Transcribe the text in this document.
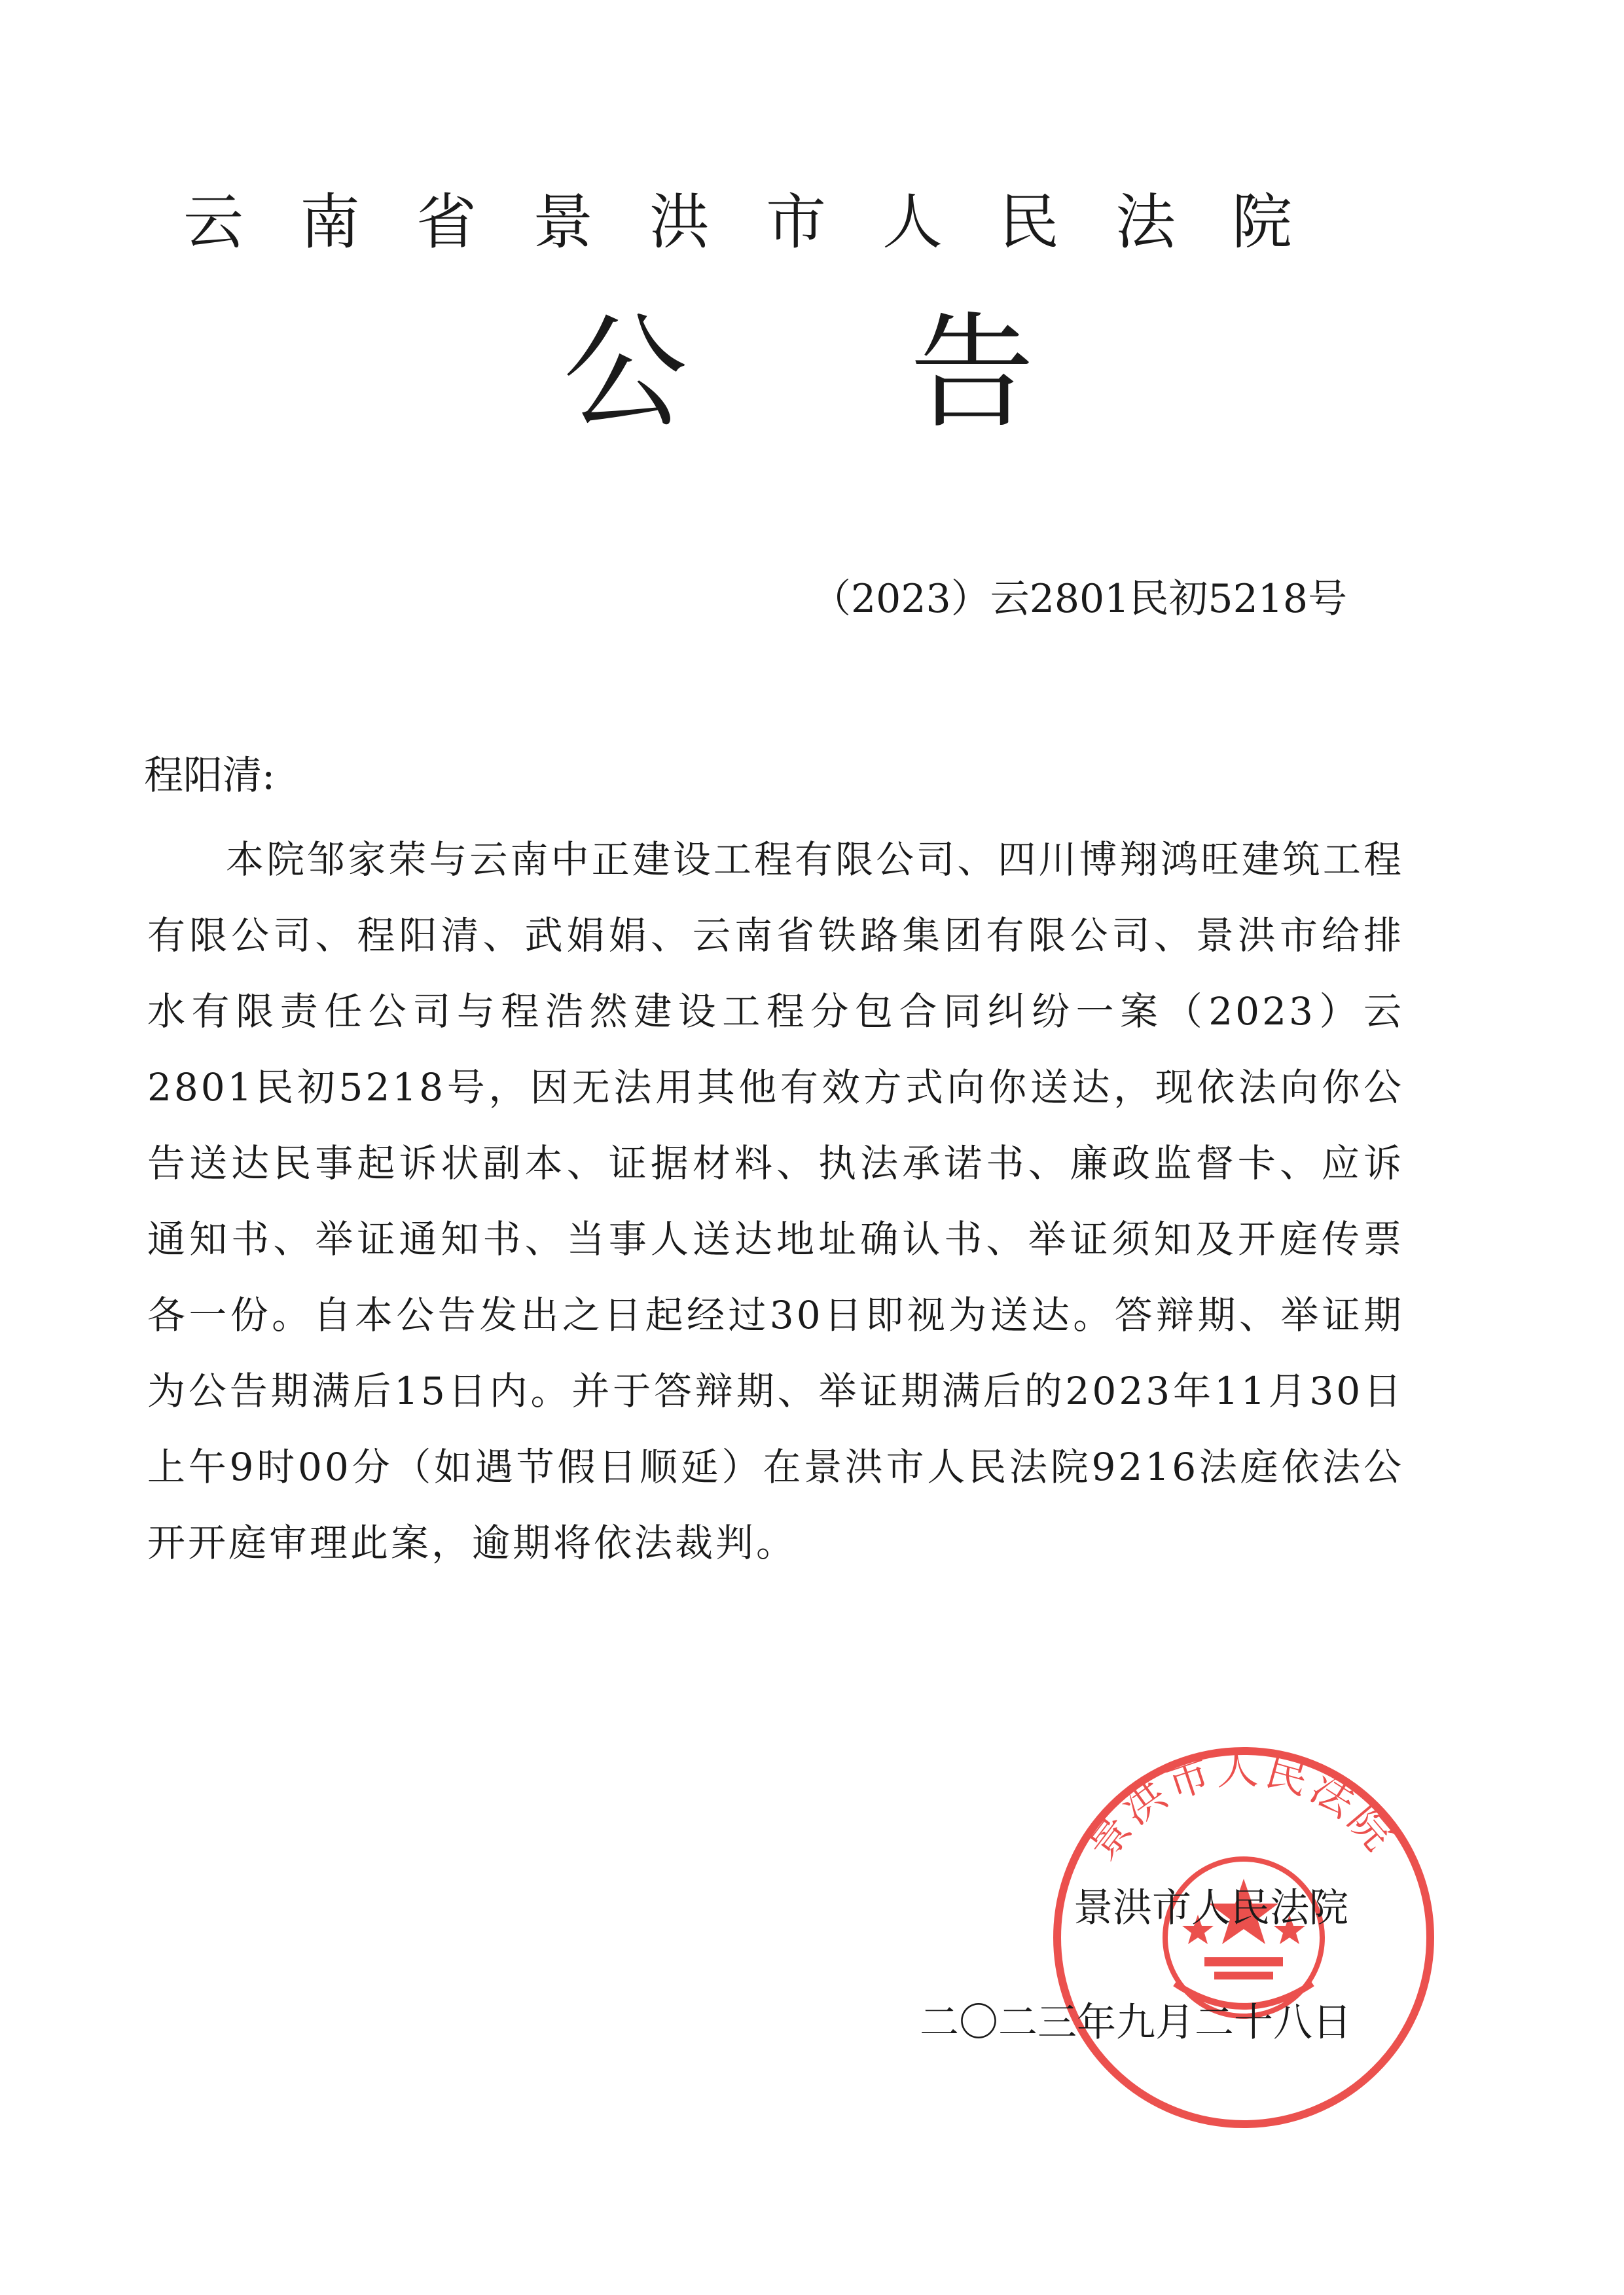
云南省景洪市人民法院
公告
（2023）云2801民初5218号
程阳清:

本院邹家荣与云南中正建设工程有限公司、四川博翔鸿旺建筑工程有限公司、程阳清、武娟娟、云南省铁路集团有限公司、景洪市给排水有限责任公司与程浩然建设工程分包合同纠纷一案（2023）云2801民初5218号，因无法用其他有效方式向你送达，现依法向你公告送达民事起诉状副本、证据材料、执法承诺书、廉政监督卡、应诉通知书、举证通知书、当事人送达地址确认书、举证须知及开庭传票各一份。自本公告发出之日起经过30日即视为送达。答辩期、举证期为公告期满后15日内。并于答辩期、举证期满后的2023年11月30日上午9时00分（如遇节假日顺延）在景洪市人民法院9216法庭依法公开开庭审理此案，逾期将依法裁判。

景洪市人民法院
景洪市人民法院
二〇二三年九月二十八日
